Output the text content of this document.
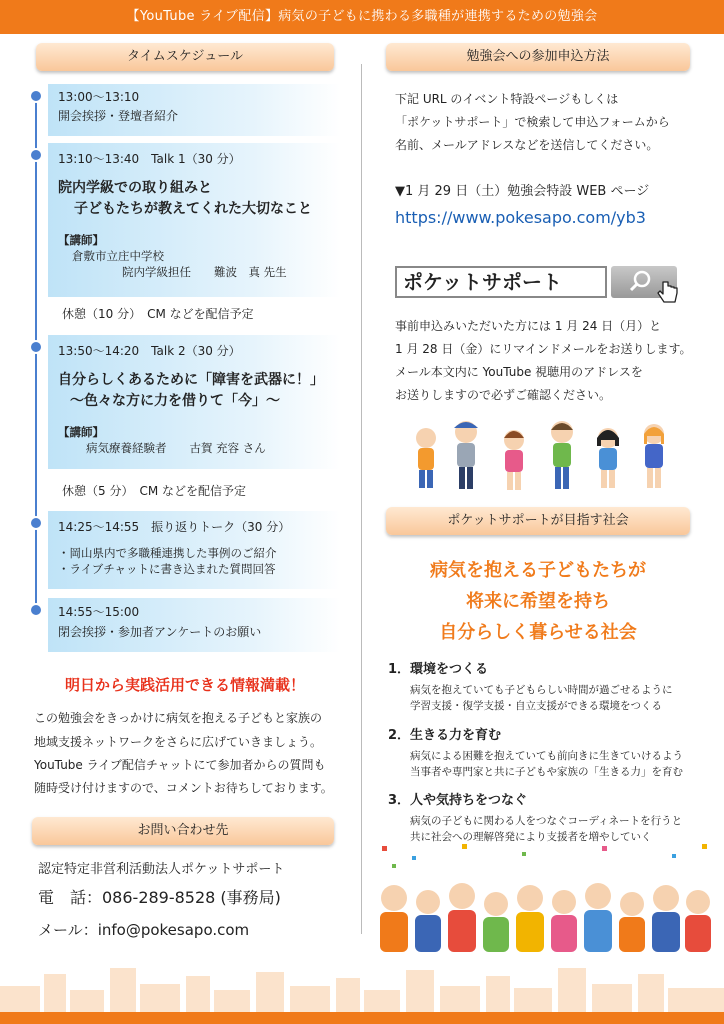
【YouTube ライブ配信】病気の子どもに携わる多職種が連携するための勉強会
タイムスケジュール
13:00〜13:10
開会挨拶・登壇者紹介
13:10〜13:40　Talk 1（30 分）
院内学級での取り組みと
子どもたちが教えてくれた大切なこと
【講師】
倉敷市立庄中学校
院内学級担任　　難波　真 先生
休憩（10 分）　CM などを配信予定
13:50〜14:20　Talk 2（30 分）
自分らしくあるために「障害を武器に！」
〜色々な方に力を借りて「今」〜
【講師】
病気療養経験者　　古賀 充容 さん
休憩（5 分）　CM などを配信予定
14:25〜14:55　振り返りトーク（30 分）
・岡山県内で多職種連携した事例のご紹介
・ライブチャットに書き込まれた質問回答
14:55〜15:00
閉会挨拶・参加者アンケートのお願い
明日から実践活用できる情報満載！
この勉強会をきっかけに病気を抱える子どもと家族の
地域支援ネットワークをさらに広げていきましょう。
YouTube ライブ配信チャットにて参加者からの質問も
随時受け付けますので、コメントお待ちしております。
お問い合わせ先
認定特定非営利活動法人ポケットサポート
電　話：086-289-8528 (事務局)
メール：info@pokesapo.com
勉強会への参加申込方法
下記 URL のイベント特設ページもしくは
「ポケットサポート」で検索して申込フォームから
名前、メールアドレスなどを送信してください。
▼1 月 29 日（土）勉強会特設 WEB ページ
https://www.pokesapo.com/yb3
ポケットサポート
事前申込みいただいた方には 1 月 24 日（月）と
1 月 28 日（金）にリマインドメールをお送りします。
メール本文内に YouTube 視聴用のアドレスを
お送りしますので必ずご確認ください。
ポケットサポートが目指す社会
病気を抱える子どもたちが
将来に希望を持ち
自分らしく暮らせる社会
1．環境をつくる
病気を抱えていても子どもらしい時間が過ごせるように
学習支援・復学支援・自立支援ができる環境をつくる
2．生きる力を育む
病気による困難を抱えていても前向きに生きていけるよう
当事者や専門家と共に子どもや家族の「生きる力」を育む
3．人や気持ちをつなぐ
病気の子どもに関わる人をつなぐコーディネートを行うと
共に社会への理解啓発により支援者を増やしていく
